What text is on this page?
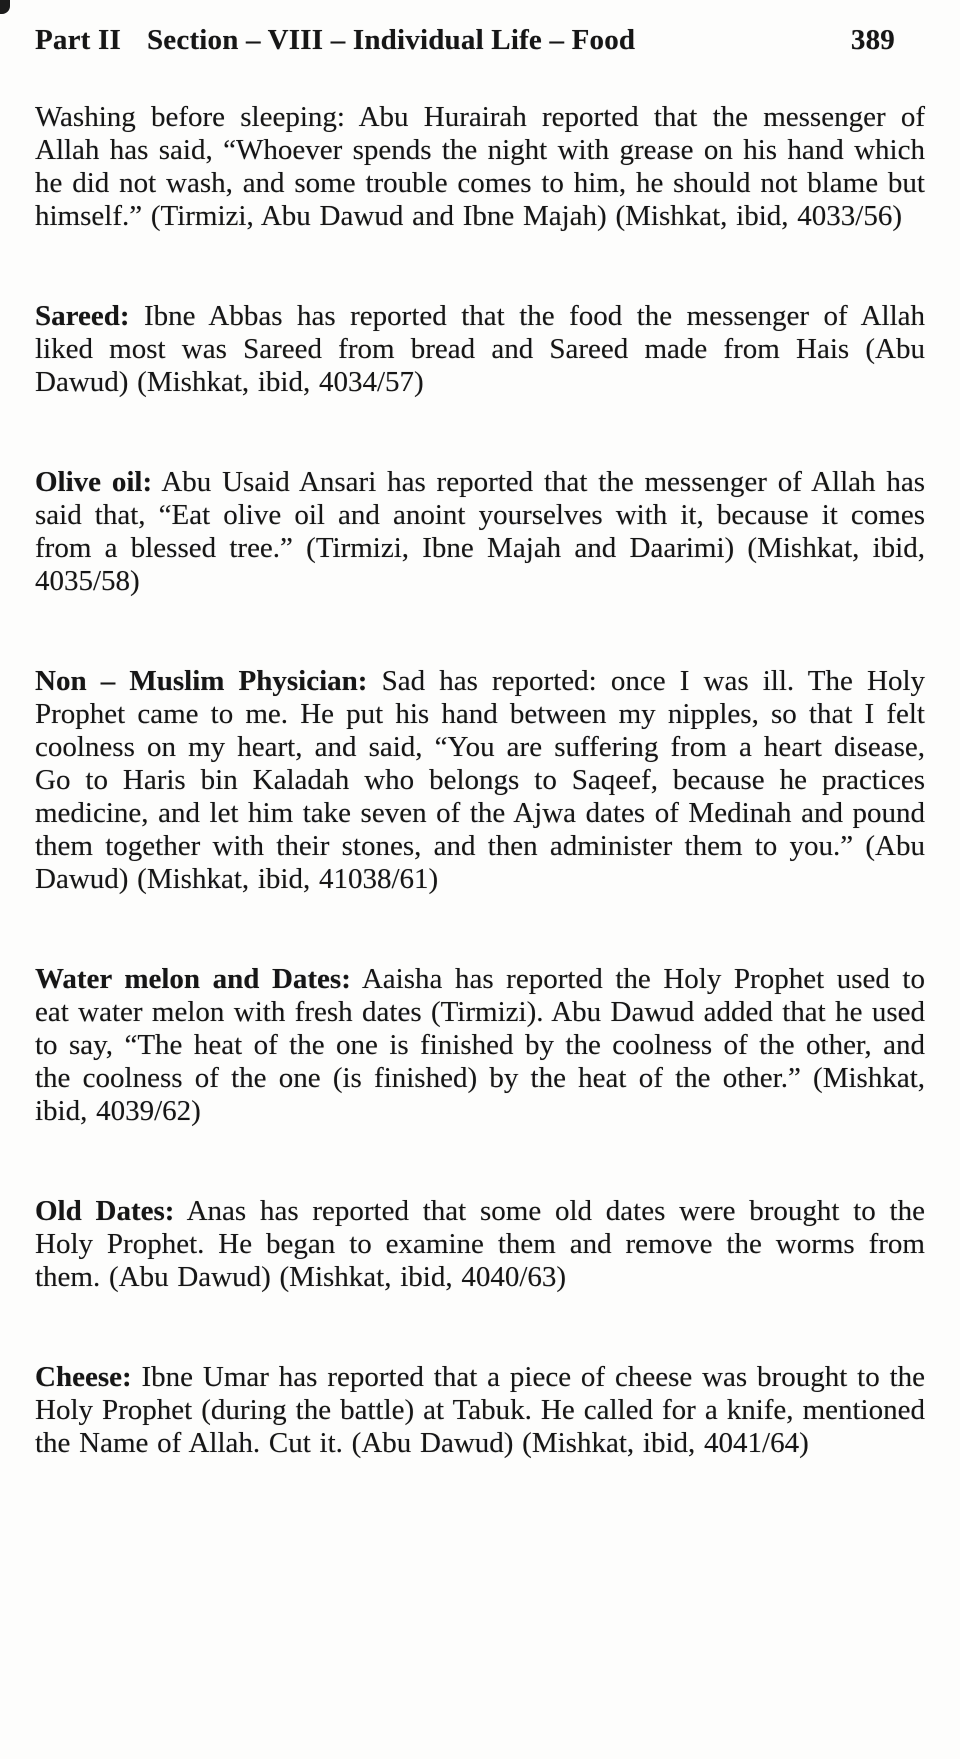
Part II Section – VIII – Individual Life – Food	389

Washing before sleeping: Abu Hurairah reported that the messenger of Allah has said, “Whoever spends the night with grease on his hand which he did not wash, and some trouble comes to him, he should not blame but himself.” (Tirmizi, Abu Dawud and Ibne Majah) (Mishkat, ibid, 4033/56)

Sareed: Ibne Abbas has reported that the food the messenger of Allah liked most was Sareed from bread and Sareed made from Hais (Abu Dawud) (Mishkat, ibid, 4034/57)

Olive oil: Abu Usaid Ansari has reported that the messenger of Allah has said that, “Eat olive oil and anoint yourselves with it, because it comes from a blessed tree.” (Tirmizi, Ibne Majah and Daarimi) (Mishkat, ibid, 4035/58)

Non – Muslim Physician: Sad has reported: once I was ill. The Holy Prophet came to me. He put his hand between my nipples, so that I felt coolness on my heart, and said, “You are suffering from a heart disease, Go to Haris bin Kaladah who belongs to Saqeef, because he practices medicine, and let him take seven of the Ajwa dates of Medinah and pound them together with their stones, and then administer them to you.” (Abu Dawud) (Mishkat, ibid, 41038/61)

Water melon and Dates: Aaisha has reported the Holy Prophet used to eat water melon with fresh dates (Tirmizi). Abu Dawud added that he used to say, “The heat of the one is finished by the coolness of the other, and the coolness of the one (is finished) by the heat of the other.” (Mishkat, ibid, 4039/62)

Old Dates: Anas has reported that some old dates were brought to the Holy Prophet. He began to examine them and remove the worms from them. (Abu Dawud) (Mishkat, ibid, 4040/63)

Cheese: Ibne Umar has reported that a piece of cheese was brought to the Holy Prophet (during the battle) at Tabuk. He called for a knife, mentioned the Name of Allah. Cut it. (Abu Dawud) (Mishkat, ibid, 4041/64)
